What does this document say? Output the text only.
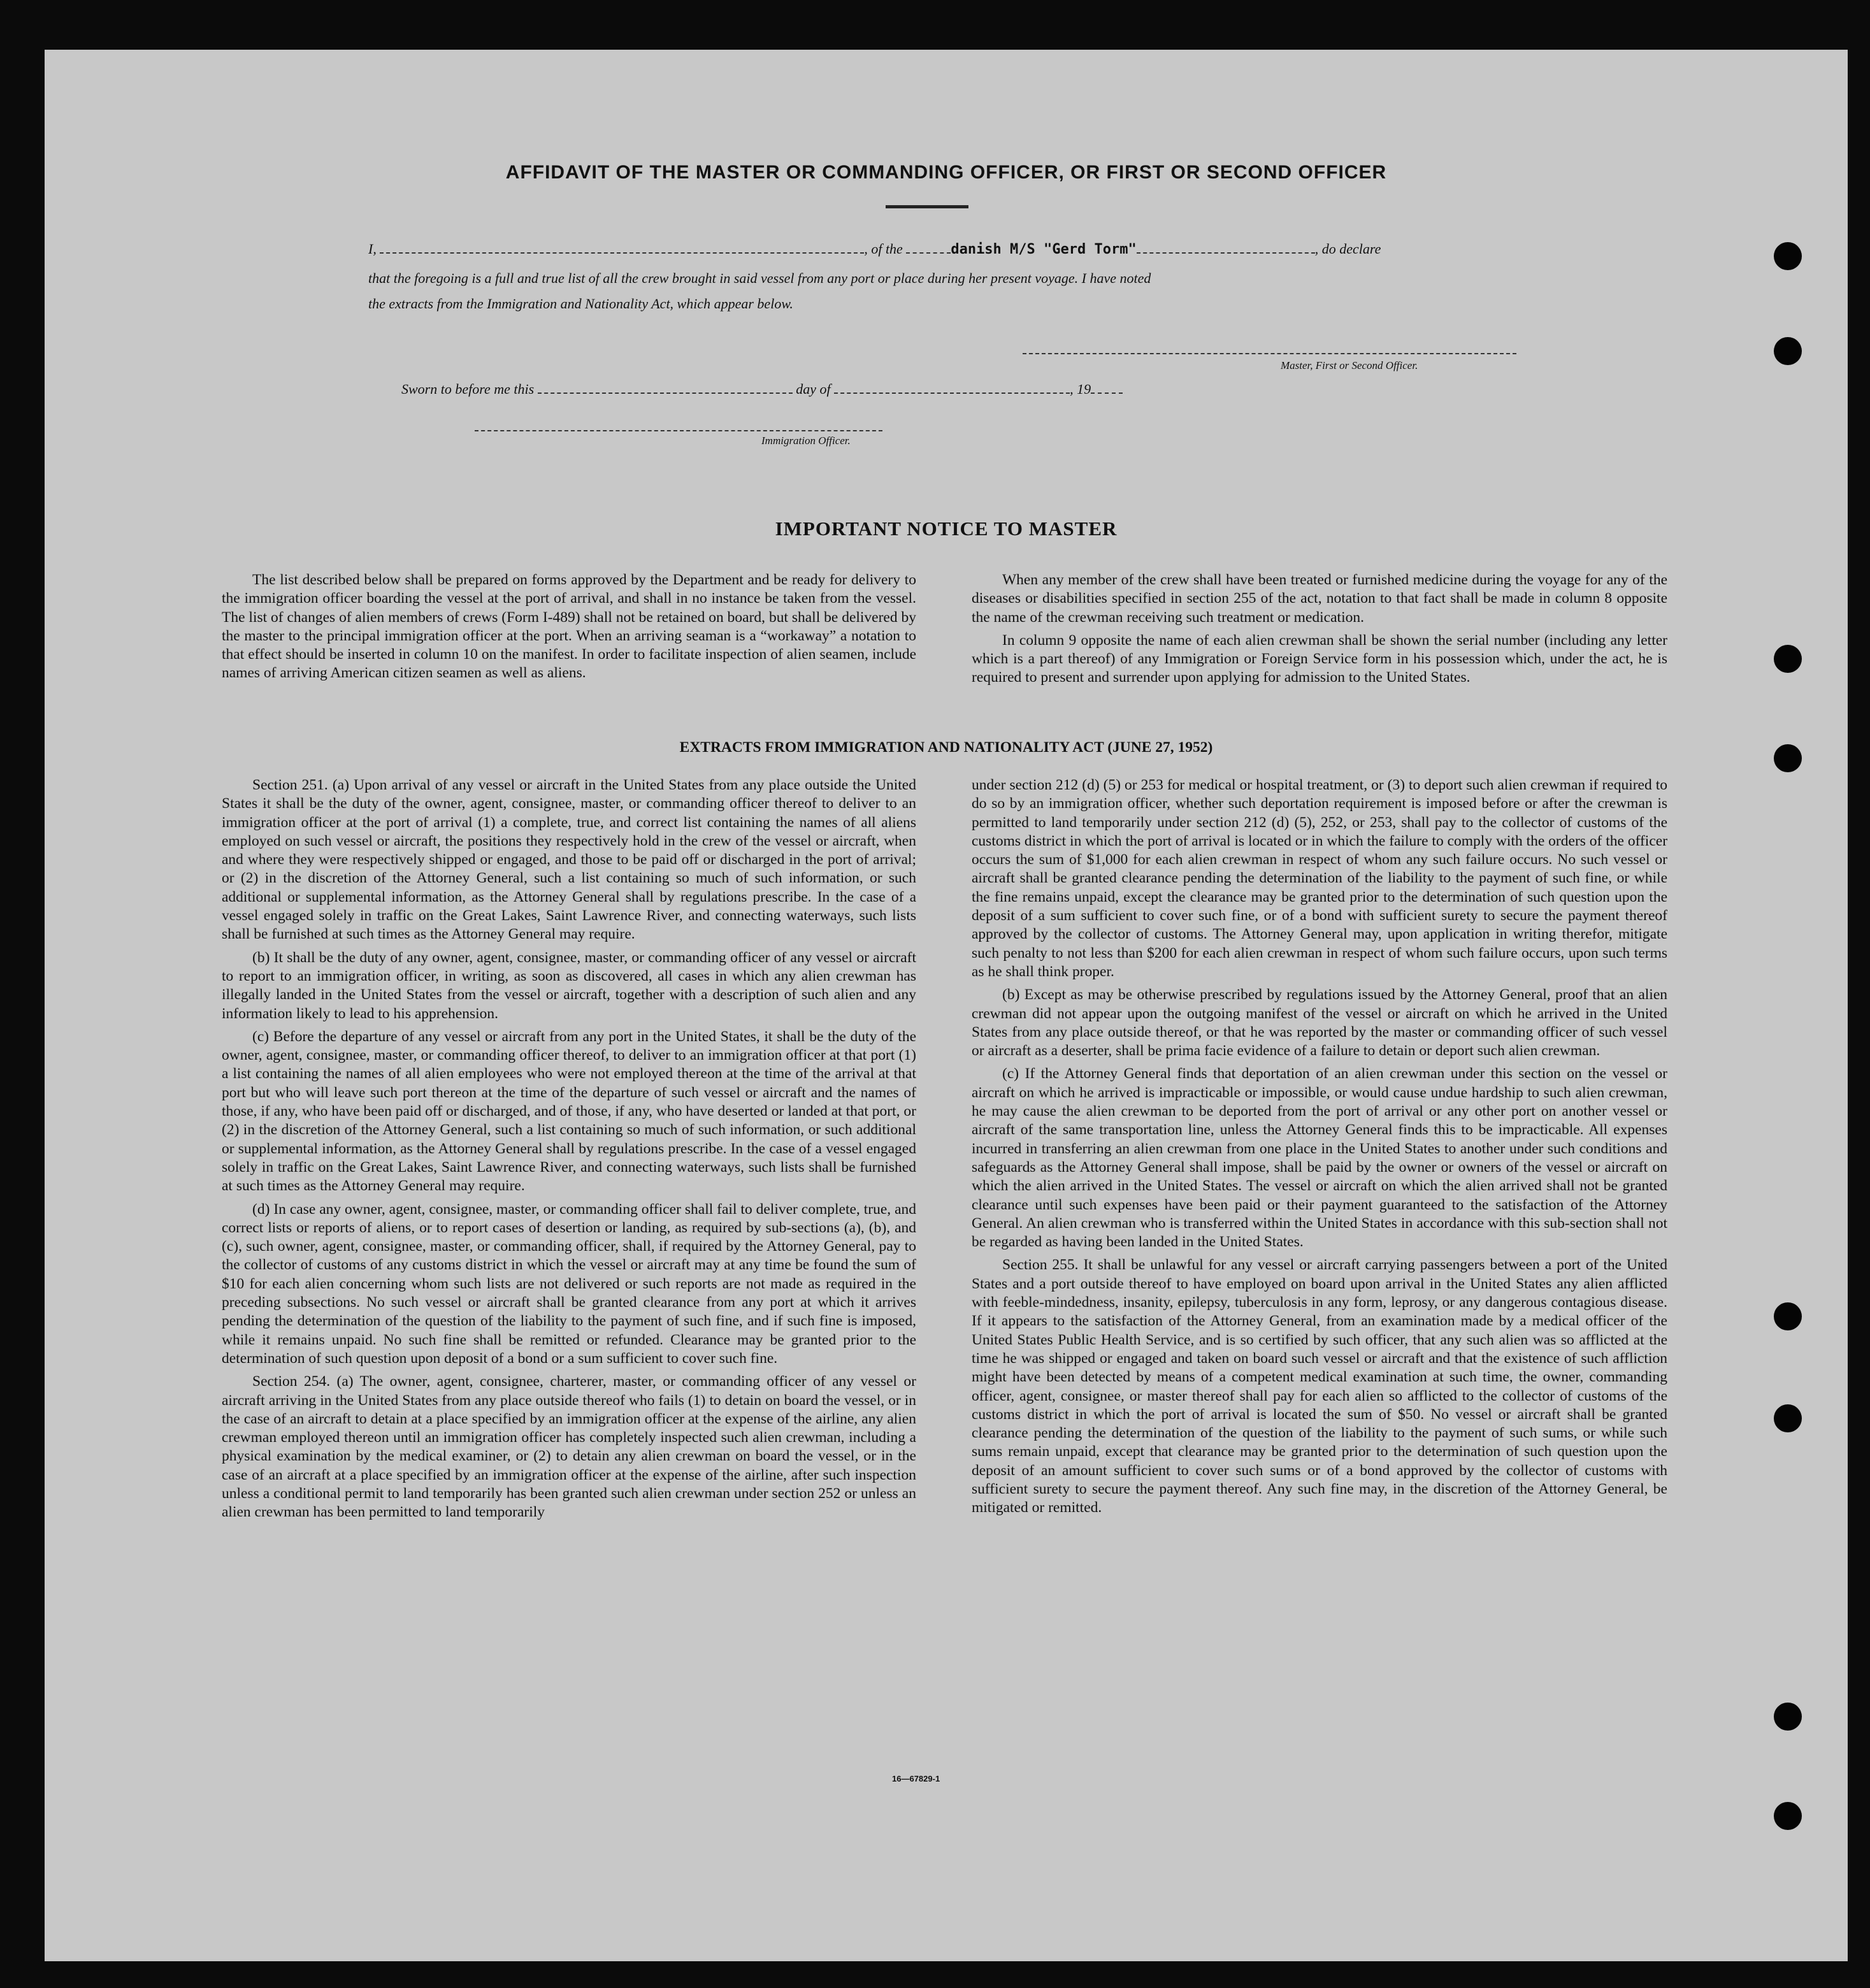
AFFIDAVIT OF THE MASTER OR COMMANDING OFFICER, OR FIRST OR SECOND OFFICER
I,	, of the	danish M/S "Gerd Torm"	, do declare
that the foregoing is a full and true list of all the crew brought in said vessel from any port or place during her present voyage. I have noted
the extracts from the Immigration and Nationality Act, which appear below.
Master, First or Second Officer.
Sworn to before me this	day of	, 19
Immigration Officer.
IMPORTANT NOTICE TO MASTER

The list described below shall be prepared on forms approved by the Department and be ready for delivery to the immigration officer boarding the vessel at the port of arrival, and shall in no instance be taken from the vessel. The list of changes of alien members of crews (Form I-489) shall not be retained on board, but shall be delivered by the master to the principal immigration officer at the port. When an arriving seaman is a “workaway” a notation to that effect should be inserted in column 10 on the manifest. In order to facilitate inspection of alien seamen, include names of arriving American citizen seamen as well as aliens.

When any member of the crew shall have been treated or furnished medicine during the voyage for any of the diseases or disabilities specified in section 255 of the act, notation to that fact shall be made in column 8 opposite the name of the crewman receiving such treatment or medication.

In column 9 opposite the name of each alien crewman shall be shown the serial number (including any letter which is a part thereof) of any Immigration or Foreign Service form in his possession which, under the act, he is required to present and surrender upon applying for admission to the United States.

EXTRACTS FROM IMMIGRATION AND NATIONALITY ACT (JUNE 27, 1952)

Section 251. (a) Upon arrival of any vessel or aircraft in the United States from any place outside the United States it shall be the duty of the owner, agent, consignee, master, or commanding officer thereof to deliver to an immigration officer at the port of arrival (1) a complete, true, and correct list containing the names of all aliens employed on such vessel or aircraft, the positions they respectively hold in the crew of the vessel or aircraft, when and where they were respectively shipped or engaged, and those to be paid off or discharged in the port of arrival; or (2) in the discretion of the Attorney General, such a list containing so much of such information, or such additional or supplemental information, as the Attorney General shall by regulations prescribe. In the case of a vessel engaged solely in traffic on the Great Lakes, Saint Lawrence River, and connecting waterways, such lists shall be furnished at such times as the Attorney General may require.

(b) It shall be the duty of any owner, agent, consignee, master, or commanding officer of any vessel or aircraft to report to an immigration officer, in writing, as soon as discovered, all cases in which any alien crewman has illegally landed in the United States from the vessel or aircraft, together with a description of such alien and any information likely to lead to his apprehension.

(c) Before the departure of any vessel or aircraft from any port in the United States, it shall be the duty of the owner, agent, consignee, master, or commanding officer thereof, to deliver to an immigration officer at that port (1) a list containing the names of all alien employees who were not employed thereon at the time of the arrival at that port but who will leave such port thereon at the time of the departure of such vessel or aircraft and the names of those, if any, who have been paid off or discharged, and of those, if any, who have deserted or landed at that port, or (2) in the discretion of the Attorney General, such a list containing so much of such information, or such additional or supplemental information, as the Attorney General shall by regulations prescribe. In the case of a vessel engaged solely in traffic on the Great Lakes, Saint Lawrence River, and connecting waterways, such lists shall be furnished at such times as the Attorney General may require.

(d) In case any owner, agent, consignee, master, or commanding officer shall fail to deliver complete, true, and correct lists or reports of aliens, or to report cases of desertion or landing, as required by sub-sections (a), (b), and (c), such owner, agent, consignee, master, or commanding officer, shall, if required by the Attorney General, pay to the collector of customs of any customs district in which the vessel or aircraft may at any time be found the sum of $10 for each alien concerning whom such lists are not delivered or such reports are not made as required in the preceding subsections. No such vessel or aircraft shall be granted clearance from any port at which it arrives pending the determination of the question of the liability to the payment of such fine, and if such fine is imposed, while it remains unpaid. No such fine shall be remitted or refunded. Clearance may be granted prior to the determination of such question upon deposit of a bond or a sum sufficient to cover such fine.

Section 254. (a) The owner, agent, consignee, charterer, master, or commanding officer of any vessel or aircraft arriving in the United States from any place outside thereof who fails (1) to detain on board the vessel, or in the case of an aircraft to detain at a place specified by an immigration officer at the expense of the airline, any alien crewman employed thereon until an immigration officer has completely inspected such alien crewman, including a physical examination by the medical examiner, or (2) to detain any alien crewman on board the vessel, or in the case of an aircraft at a place specified by an immigration officer at the expense of the airline, after such inspection unless a conditional permit to land temporarily has been granted such alien crewman under section 252 or unless an alien crewman has been permitted to land temporarily

under section 212 (d) (5) or 253 for medical or hospital treatment, or (3) to deport such alien crewman if required to do so by an immigration officer, whether such deportation requirement is imposed before or after the crewman is permitted to land temporarily under section 212 (d) (5), 252, or 253, shall pay to the collector of customs of the customs district in which the port of arrival is located or in which the failure to comply with the orders of the officer occurs the sum of $1,000 for each alien crewman in respect of whom any such failure occurs. No such vessel or aircraft shall be granted clearance pending the determination of the liability to the payment of such fine, or while the fine remains unpaid, except the clearance may be granted prior to the determination of such question upon the deposit of a sum sufficient to cover such fine, or of a bond with sufficient surety to secure the payment thereof approved by the collector of customs. The Attorney General may, upon application in writing therefor, mitigate such penalty to not less than $200 for each alien crewman in respect of whom such failure occurs, upon such terms as he shall think proper.

(b) Except as may be otherwise prescribed by regulations issued by the Attorney General, proof that an alien crewman did not appear upon the outgoing manifest of the vessel or aircraft on which he arrived in the United States from any place outside thereof, or that he was reported by the master or commanding officer of such vessel or aircraft as a deserter, shall be prima facie evidence of a failure to detain or deport such alien crewman.

(c) If the Attorney General finds that deportation of an alien crewman under this section on the vessel or aircraft on which he arrived is impracticable or impossible, or would cause undue hardship to such alien crewman, he may cause the alien crewman to be deported from the port of arrival or any other port on another vessel or aircraft of the same transportation line, unless the Attorney General finds this to be impracticable. All expenses incurred in transferring an alien crewman from one place in the United States to another under such conditions and safeguards as the Attorney General shall impose, shall be paid by the owner or owners of the vessel or aircraft on which the alien arrived in the United States. The vessel or aircraft on which the alien arrived shall not be granted clearance until such expenses have been paid or their payment guaranteed to the satisfaction of the Attorney General. An alien crewman who is transferred within the United States in accordance with this sub-section shall not be regarded as having been landed in the United States.

Section 255. It shall be unlawful for any vessel or aircraft carrying passengers between a port of the United States and a port outside thereof to have employed on board upon arrival in the United States any alien afflicted with feeble-mindedness, insanity, epilepsy, tuberculosis in any form, leprosy, or any dangerous contagious disease. If it appears to the satisfaction of the Attorney General, from an examination made by a medical officer of the United States Public Health Service, and is so certified by such officer, that any such alien was so afflicted at the time he was shipped or engaged and taken on board such vessel or aircraft and that the existence of such affliction might have been detected by means of a competent medical examination at such time, the owner, commanding officer, agent, consignee, or master thereof shall pay for each alien so afflicted to the collector of customs of the customs district in which the port of arrival is located the sum of $50. No vessel or aircraft shall be granted clearance pending the determination of the question of the liability to the payment of such sums, or while such sums remain unpaid, except that clearance may be granted prior to the determination of such question upon the deposit of an amount sufficient to cover such sums or of a bond approved by the collector of customs with sufficient surety to secure the payment thereof. Any such fine may, in the discretion of the Attorney General, be mitigated or remitted.

16—67829-1
